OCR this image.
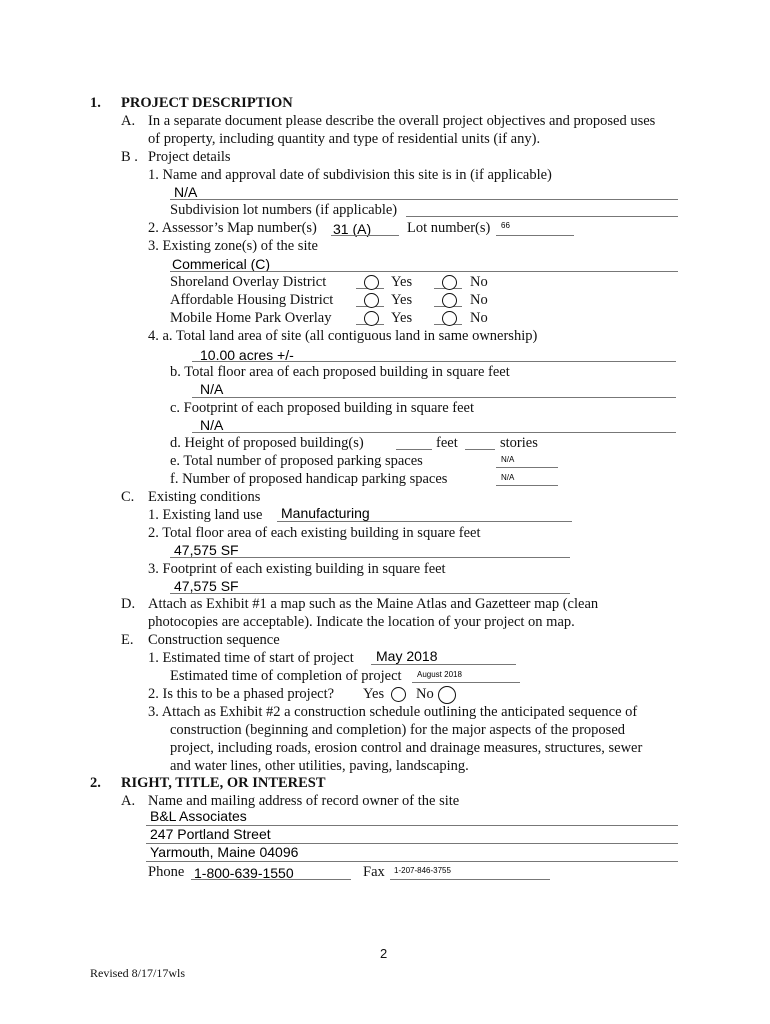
1. PROJECT DESCRIPTION
A. In a separate document please describe the overall project objectives and proposed uses
of property, including quantity and type of residential units (if any).
B . Project details
1. Name and approval date of subdivision this site is in (if applicable)
N/A
Subdivision lot numbers (if applicable)
2. Assessor’s Map number(s) 31 (A) Lot number(s) 66
3. Existing zone(s) of the site
Commerical (C)
Shoreland Overlay District	Yes	No
Affordable Housing District	Yes	No
Mobile Home Park Overlay	Yes	No
4. a. Total land area of site (all contiguous land in same ownership)
10.00 acres +/-
b. Total floor area of each proposed building in square feet
N/A
c. Footprint of each proposed building in square feet
N/A
d. Height of proposed building(s)	feet	stories
e. Total number of proposed parking spaces	N/A
f. Number of proposed handicap parking spaces	N/A
C. Existing conditions
1. Existing land use Manufacturing
2. Total floor area of each existing building in square feet
47,575 SF
3. Footprint of each existing building in square feet
47,575 SF
D. Attach as Exhibit #1 a map such as the Maine Atlas and Gazetteer map (clean
photocopies are acceptable). Indicate the location of your project on map.
E. Construction sequence
1. Estimated time of start of project May 2018
Estimated time of completion of project August 2018
2. Is this to be a phased project? Yes No
3. Attach as Exhibit #2 a construction schedule outlining the anticipated sequence of
construction (beginning and completion) for the major aspects of the proposed
project, including roads, erosion control and drainage measures, structures, sewer
and water lines, other utilities, paving, landscaping.
2. RIGHT, TITLE, OR INTEREST
A. Name and mailing address of record owner of the site
B&L Associates
247 Portland Street
Yarmouth, Maine 04096
Phone 1-800-639-1550	Fax 1-207-846-3755
2
Revised 8/17/17wls
